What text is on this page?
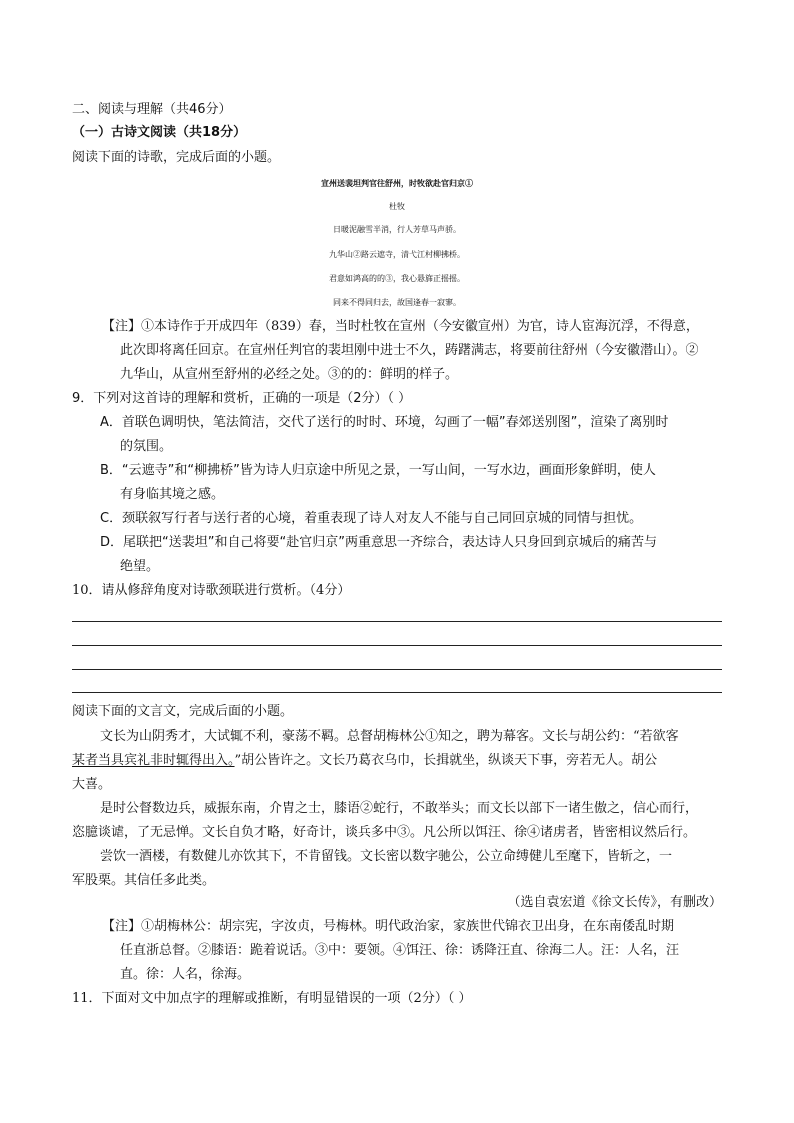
二、阅读与理解（共46分）
（一）古诗文阅读（共18分）
阅读下面的诗歌，完成后面的小题。
宣州送裴坦判官往舒州，时牧欲赴官归京①
杜牧
日暖泥融雪半消，行人芳草马声骄。
九华山②路云遮寺，清弋江村柳拂桥。
君意如鸿高的的③，我心悬旆正摇摇。
同来不得同归去，故国逢春一寂寥。
【注】①本诗作于开成四年（839）春，当时杜牧在宣州（今安徽宣州）为官，诗人宦海沉浮，不得意，
此次即将离任回京。在宣州任判官的裴坦刚中进士不久，踌躇满志，将要前往舒州（今安徽潜山）。②
九华山，从宣州至舒州的必经之处。③的的：鲜明的样子。
9．下列对这首诗的理解和赏析，正确的一项是（2分）（ ）
A．首联色调明快，笔法简洁，交代了送行的时时、环境，勾画了一幅”春郊送别图”，渲染了离别时
的氛围。
B．“云遮寺”和“柳拂桥”皆为诗人归京途中所见之景，一写山间，一写水边，画面形象鲜明，使人
有身临其境之感。
C．颈联叙写行者与送行者的心境，着重表现了诗人对友人不能与自己同回京城的同情与担忧。
D．尾联把“送裴坦”和自己将要“赴官归京”两重意思一齐综合，表达诗人只身回到京城后的痛苦与
绝望。
10．请从修辞角度对诗歌颈联进行赏析。（4分）
阅读下面的文言文，完成后面的小题。
文长为山阴秀才，大试辄不利，豪荡不羁。总督胡梅林公①知之，聘为幕客。文长与胡公约：“若欲客
某者当具宾礼非时辄得出入。”胡公皆许之。文长乃葛衣乌巾，长揖就坐，纵谈天下事，旁若无人。胡公
大喜。
是时公督数边兵，威振东南，介胄之士，膝语②蛇行，不敢举头；而文长以部下一诸生傲之，信心而行，
恣臆谈谑，了无忌惮。文长自负才略，好奇计，谈兵多中③。凡公所以饵汪、徐④诸虏者，皆密相议然后行。
尝饮一酒楼，有数健儿亦饮其下，不肯留钱。文长密以数字驰公，公立命缚健儿至麾下，皆斩之，一
军股栗。其信任多此类。
（选自袁宏道《徐文长传》，有删改）
【注】①胡梅林公：胡宗宪，字汝贞，号梅林。明代政治家，家族世代锦衣卫出身，在东南倭乱时期
任直浙总督。②膝语：跪着说话。③中：要领。④饵汪、徐：诱降汪直、徐海二人。汪：人名，汪
直。徐：人名，徐海。
11．下面对文中加点字的理解或推断，有明显错误的一项（2分）（ ）
